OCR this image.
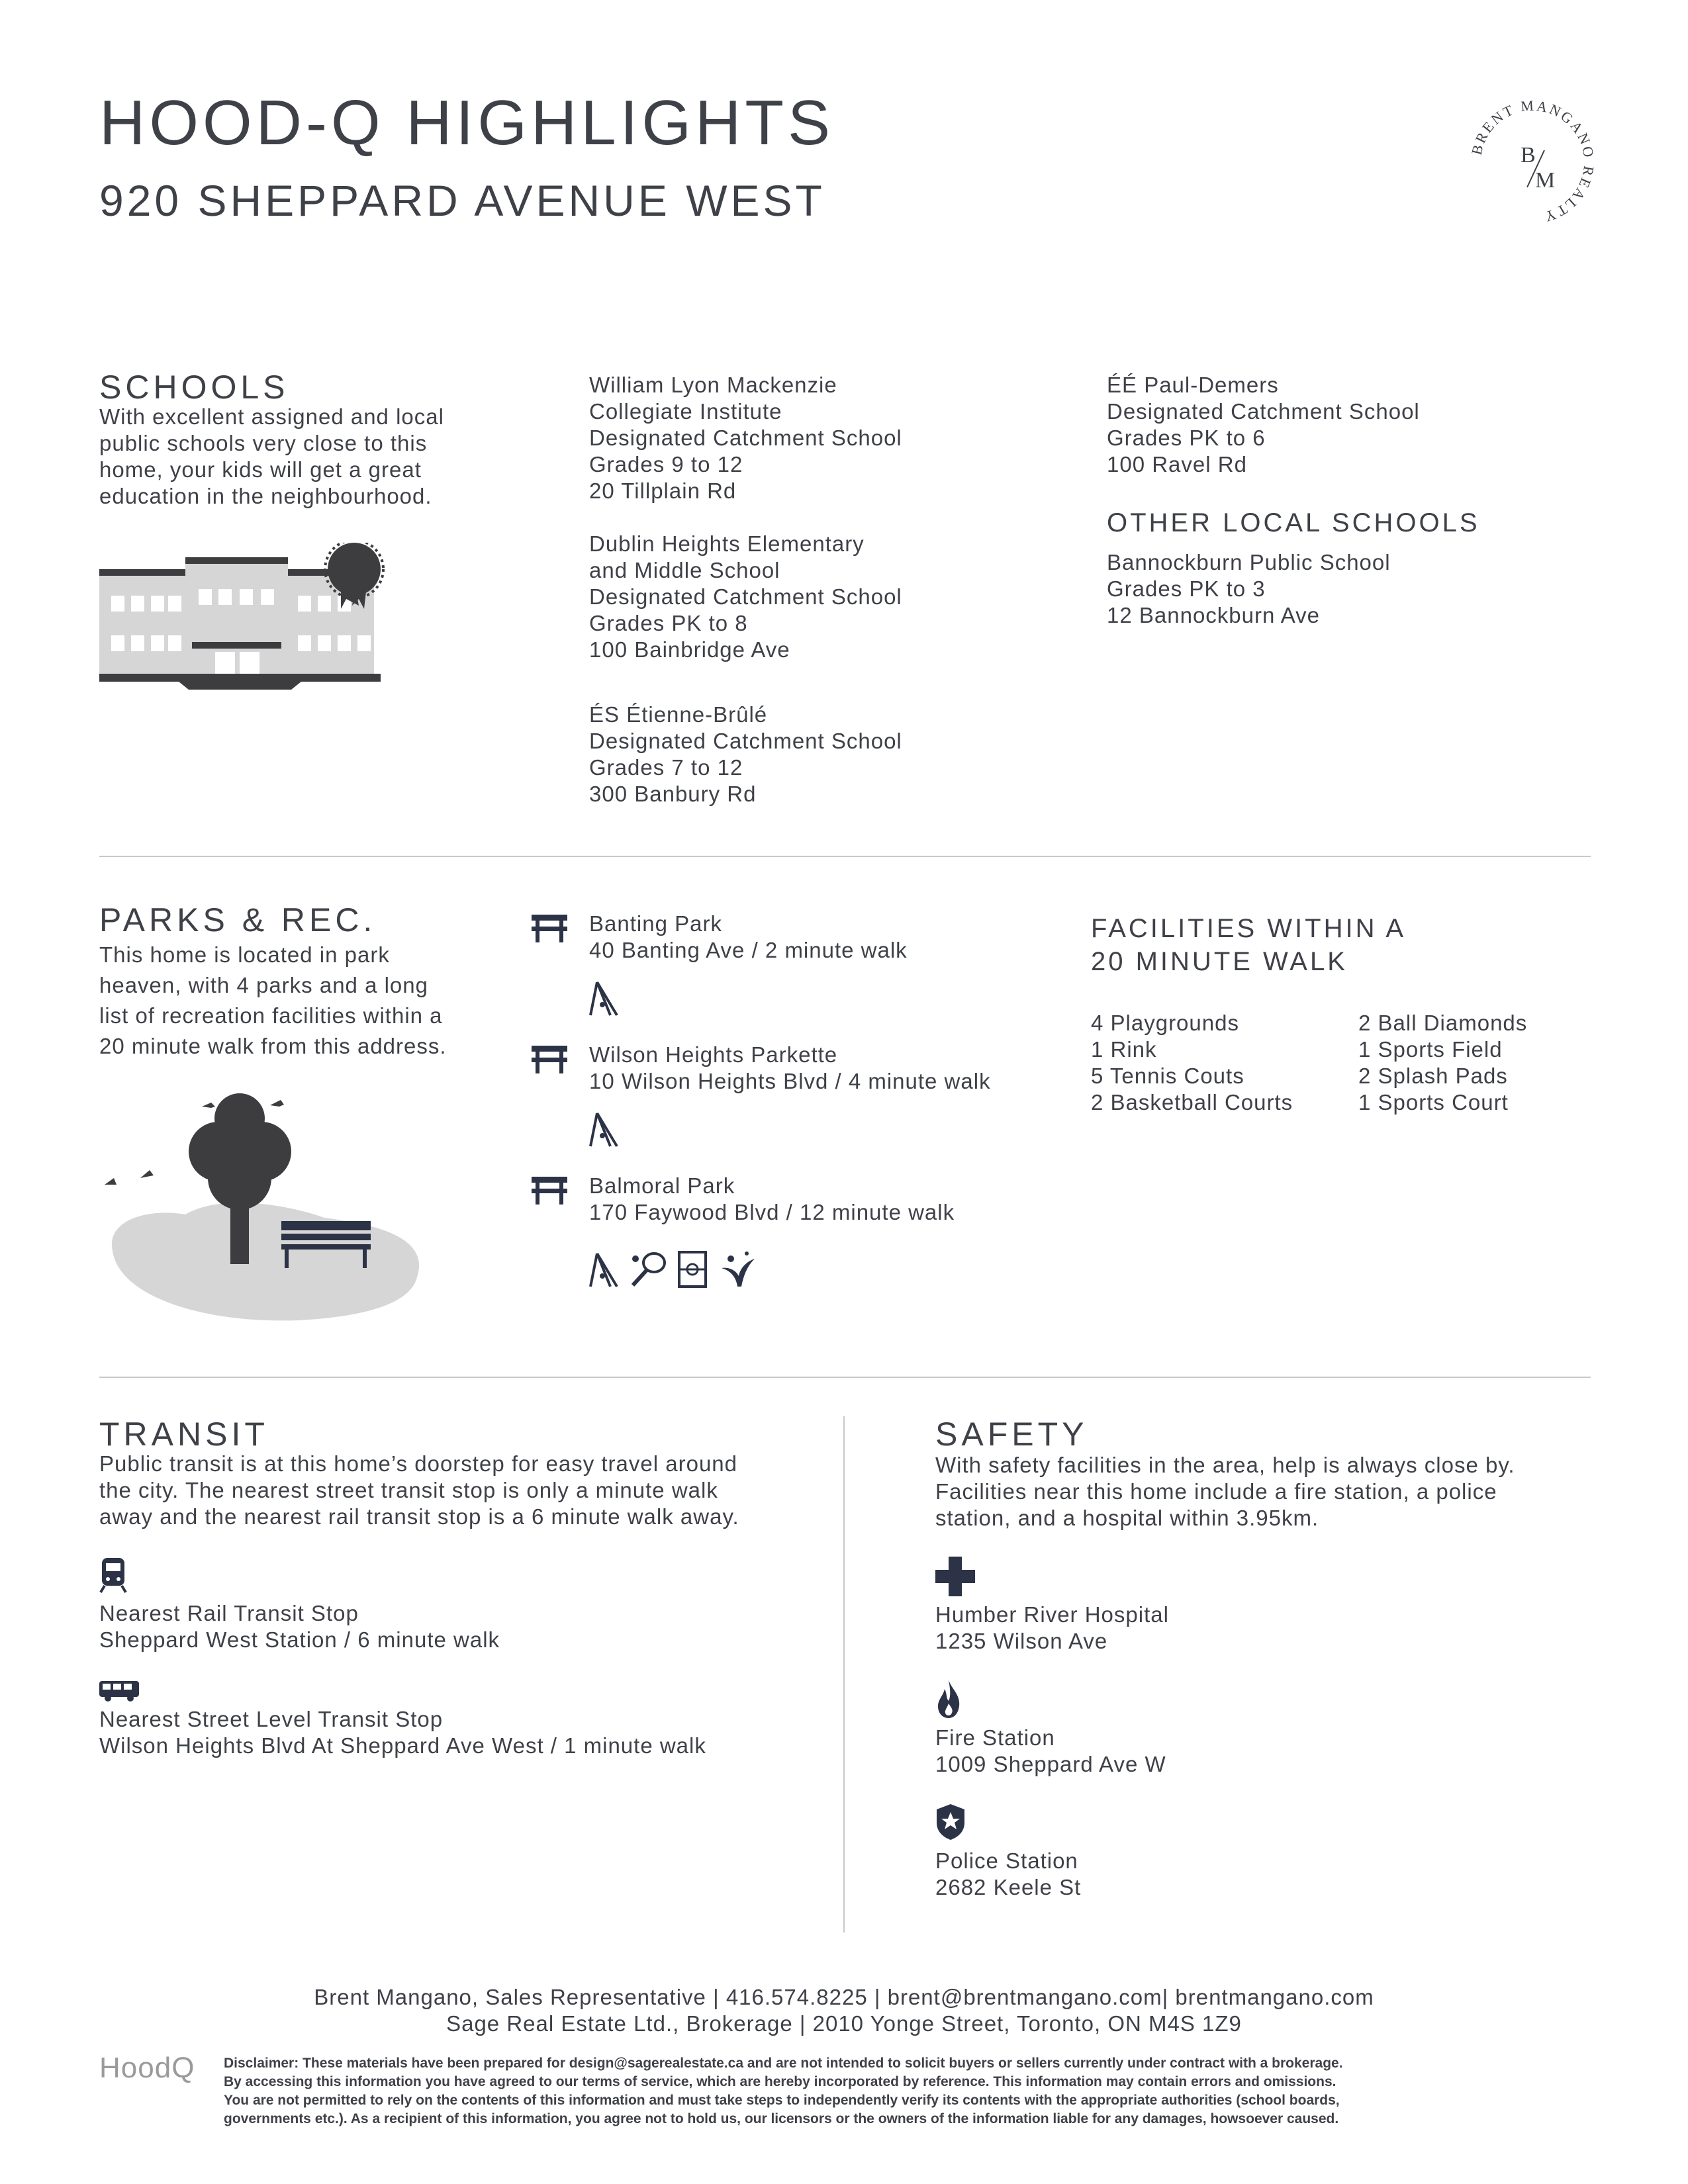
HOOD-Q HIGHLIGHTS
920 SHEPPARD AVENUE WEST
BRENT MANGANO REALTY
B
M
SCHOOLS
With excellent assigned and local
public schools very close to this
home, your kids will get a great
education in the neighbourhood.
William Lyon Mackenzie
Collegiate Institute
Designated Catchment School
Grades 9 to 12
20 Tillplain Rd
Dublin Heights Elementary
and Middle School
Designated Catchment School
Grades PK to 8
100 Bainbridge Ave
ÉS Étienne-Brûlé
Designated Catchment School
Grades 7 to 12
300 Banbury Rd
ÉÉ Paul-Demers
Designated Catchment School
Grades PK to 6
100 Ravel Rd
OTHER LOCAL SCHOOLS
Bannockburn Public School
Grades PK to 3
12 Bannockburn Ave
PARKS & REC.
This home is located in park
heaven, with 4 parks and a long
list of recreation facilities within a
20 minute walk from this address.
Banting Park
40 Banting Ave / 2 minute walk
Wilson Heights Parkette
10 Wilson Heights Blvd / 4 minute walk
Balmoral Park
170 Faywood Blvd / 12 minute walk
FACILITIES WITHIN A
20 MINUTE WALK
4 Playgrounds
1 Rink
5 Tennis Couts
2 Basketball Courts
2 Ball Diamonds
1 Sports Field
2 Splash Pads
1 Sports Court
TRANSIT
Public transit is at this home’s doorstep for easy travel around
the city. The nearest street transit stop is only a minute walk
away and the nearest rail transit stop is a 6 minute walk away.
Nearest Rail Transit Stop
Sheppard West Station / 6 minute walk
Nearest Street Level Transit Stop
Wilson Heights Blvd At Sheppard Ave West / 1 minute walk
SAFETY
With safety facilities in the area, help is always close by.
Facilities near this home include a fire station, a police
station, and a hospital within 3.95km.
Humber River Hospital
1235 Wilson Ave
Fire Station
1009 Sheppard Ave W
Police Station
2682 Keele St
Brent Mangano, Sales Representative | 416.574.8225 | brent@brentmangano.com| brentmangano.com
Sage Real Estate Ltd., Brokerage | 2010 Yonge Street, Toronto, ON M4S 1Z9
HoodQ Disclaimer: These materials have been prepared for design@sagerealestate.ca and are not intended to solicit buyers or sellers currently under contract with a brokerage.
By accessing this information you have agreed to our terms of service, which are hereby incorporated by reference. This information may contain errors and omissions.
You are not permitted to rely on the contents of this information and must take steps to independently verify its contents with the appropriate authorities (school boards,
governments etc.). As a recipient of this information, you agree not to hold us, our licensors or the owners of the information liable for any damages, howsoever caused.
